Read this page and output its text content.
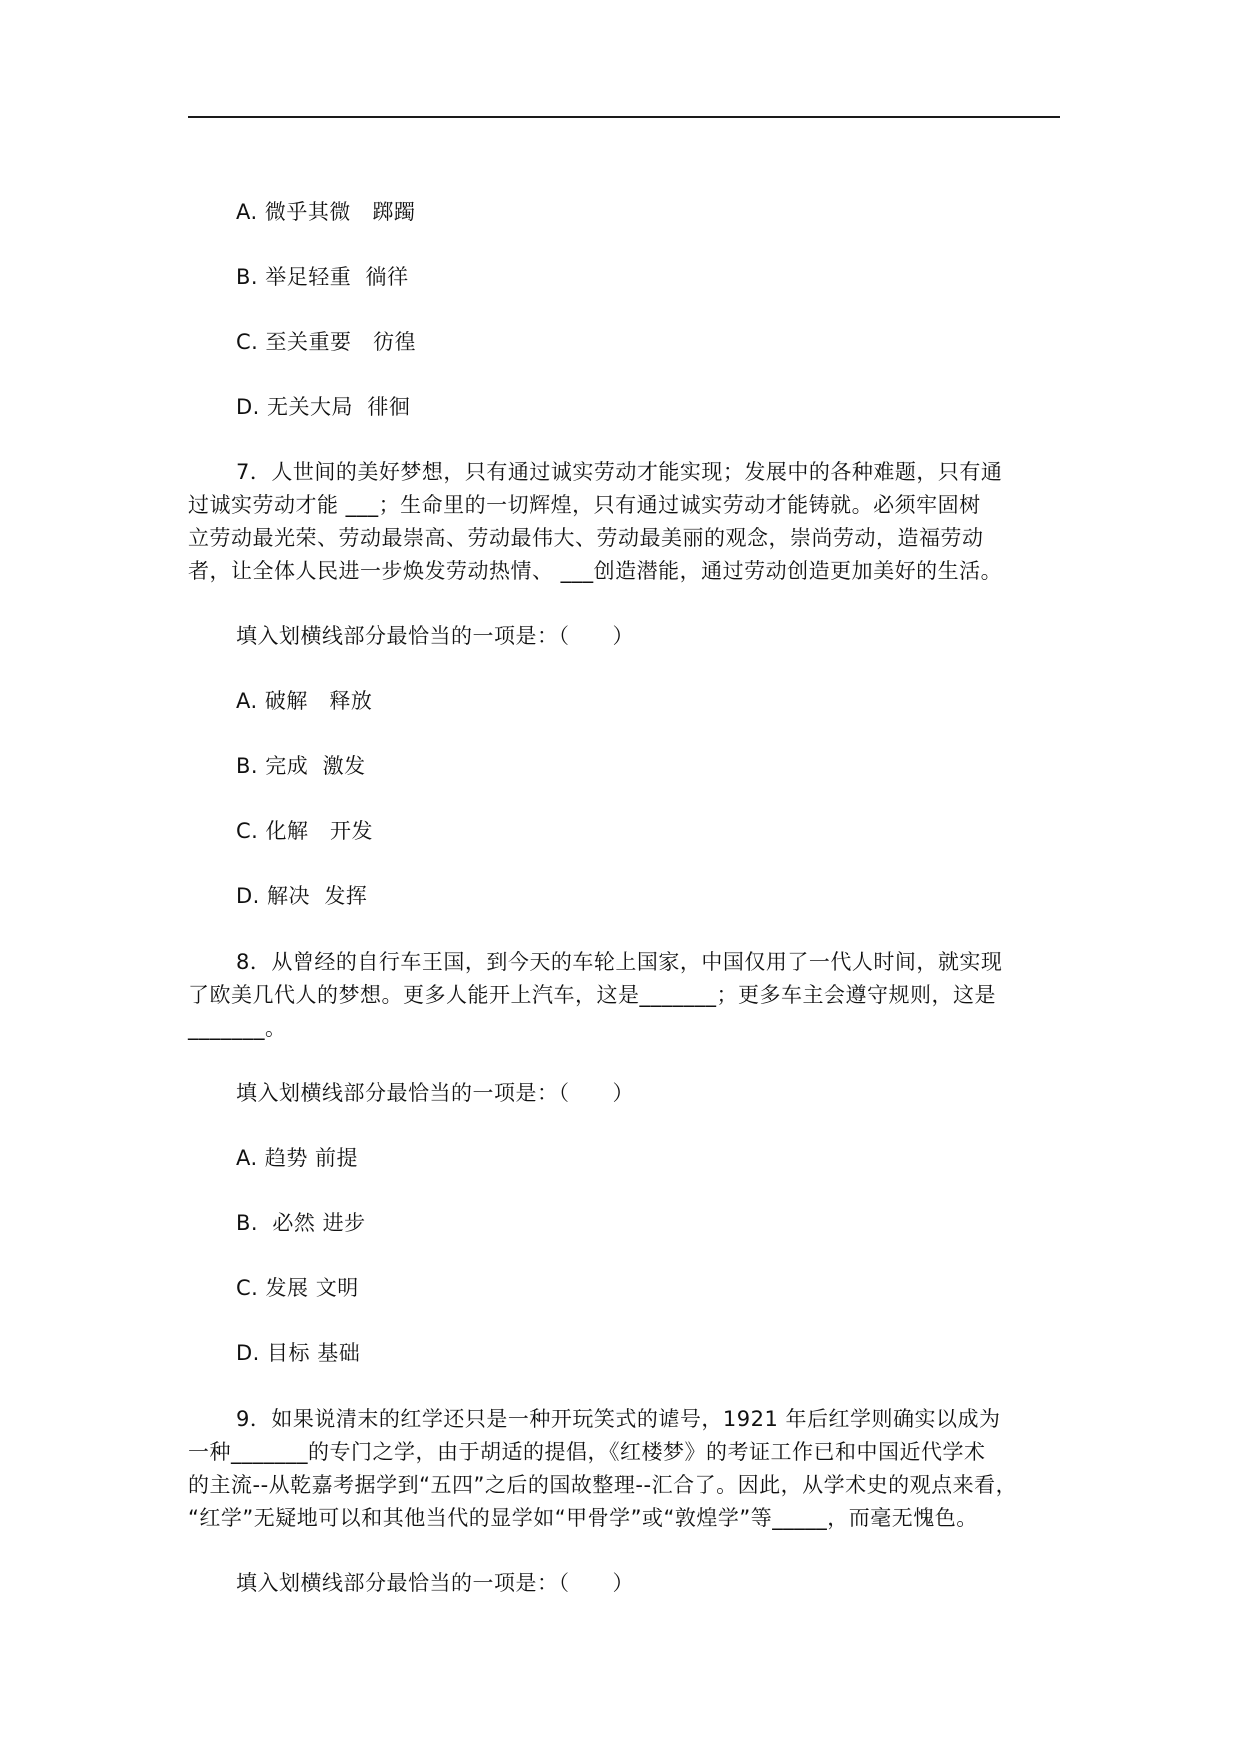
A. 微乎其微   踯躅
B. 举足轻重  徜徉
C. 至关重要   彷徨
D. 无关大局  徘徊
7．人世间的美好梦想，只有通过诚实劳动才能实现；发展中的各种难题，只有通
过诚实劳动才能 ___；生命里的一切辉煌，只有通过诚实劳动才能铸就。必须牢固树
立劳动最光荣、劳动最崇高、劳动最伟大、劳动最美丽的观念，崇尚劳动，造福劳动
者，让全体人民进一步焕发劳动热情、 ___创造潜能，通过劳动创造更加美好的生活。
填入划横线部分最恰当的一项是：（      ）
A. 破解   释放
B. 完成  激发
C. 化解   开发
D. 解决  发挥
8．从曾经的自行车王国，到今天的车轮上国家，中国仅用了一代人时间，就实现
了欧美几代人的梦想。更多人能开上汽车，这是_______；更多车主会遵守规则，这是
_______。
填入划横线部分最恰当的一项是：（      ）
A. 趋势 前提
B.  必然 进步
C. 发展 文明
D. 目标 基础
9．如果说清末的红学还只是一种开玩笑式的谑号，1921 年后红学则确实以成为
一种_______的专门之学，由于胡适的提倡，《红楼梦》的考证工作已和中国近代学术
的主流--从乾嘉考据学到“五四”之后的国故整理--汇合了。因此，从学术史的观点来看，
“红学”无疑地可以和其他当代的显学如“甲骨学”或“敦煌学”等_____，而毫无愧色。
填入划横线部分最恰当的一项是：（      ）
